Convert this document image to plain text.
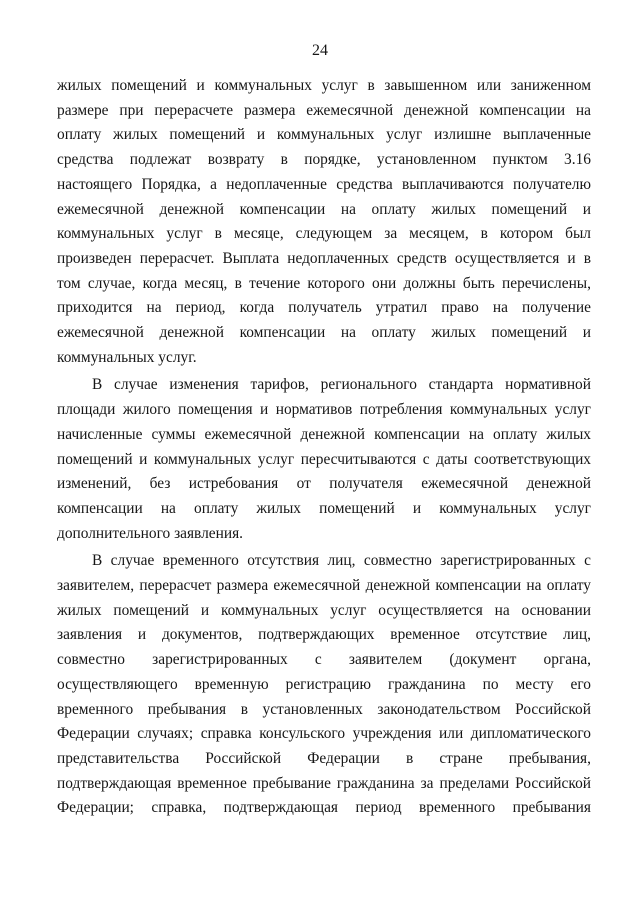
24

жилых помещений и коммунальных услуг в завышенном или заниженном
размере при перерасчете размера ежемесячной денежной компенсации на
оплату жилых помещений и коммунальных услуг излишне выплаченные
средства подлежат возврату в порядке, установленном пунктом 3.16
настоящего Порядка, а недоплаченные средства выплачиваются получателю
ежемесячной денежной компенсации на оплату жилых помещений и
коммунальных услуг в месяце, следующем за месяцем, в котором был
произведен перерасчет. Выплата недоплаченных средств осуществляется и в
том случае, когда месяц, в течение которого они должны быть перечислены,
приходится на период, когда получатель утратил право на получение
ежемесячной денежной компенсации на оплату жилых помещений и
коммунальных услуг.

В случае изменения тарифов, регионального стандарта нормативной
площади жилого помещения и нормативов потребления коммунальных услуг
начисленные суммы ежемесячной денежной компенсации на оплату жилых
помещений и коммунальных услуг пересчитываются с даты соответствующих
изменений, без истребования от получателя ежемесячной денежной
компенсации на оплату жилых помещений и коммунальных услуг
дополнительного заявления.

В случае временного отсутствия лиц, совместно зарегистрированных с
заявителем, перерасчет размера ежемесячной денежной компенсации на оплату
жилых помещений и коммунальных услуг осуществляется на основании
заявления и документов, подтверждающих временное отсутствие лиц,
совместно зарегистрированных с заявителем (документ органа,
осуществляющего временную регистрацию гражданина по месту его
временного пребывания в установленных законодательством Российской
Федерации случаях; справка консульского учреждения или дипломатического
представительства Российской Федерации в стране пребывания,
подтверждающая временное пребывание гражданина за пределами Российской
Федерации; справка, подтверждающая период временного пребывания
